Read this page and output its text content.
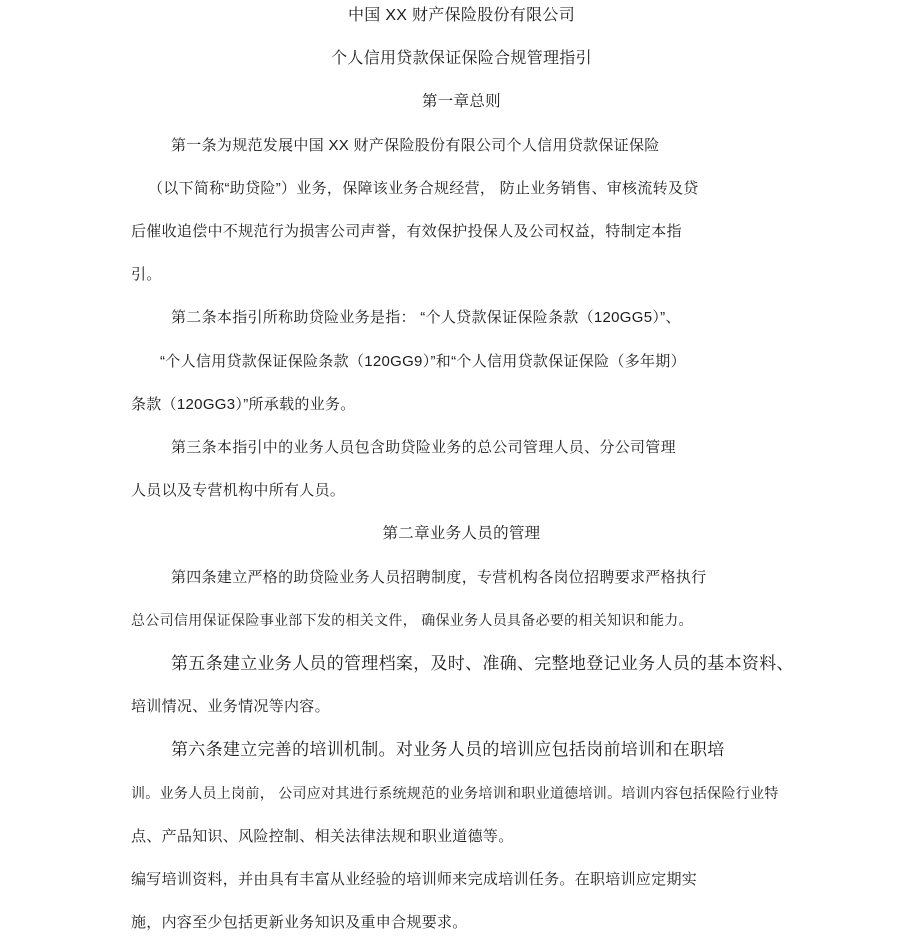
中国 XX 财产保险股份有限公司
个人信用贷款保证保险合规管理指引
第一章总则
第一条为规范发展中国 XX 财产保险股份有限公司个人信用贷款保证保险
（以下简称“助贷险”）业务，保障该业务合规经营， 防止业务销售、审核流转及贷
后催收追偿中不规范行为损害公司声誉，有效保护投保人及公司权益，特制定本指
引。
第二条本指引所称助贷险业务是指： “个人贷款保证保险条款（120GG5）”、
“个人信用贷款保证保险条款（120GG9）”和“个人信用贷款保证保险（多年期）
条款（120GG3）”所承载的业务。
第三条本指引中的业务人员包含助贷险业务的总公司管理人员、分公司管理
人员以及专营机构中所有人员。
第二章业务人员的管理
第四条建立严格的助贷险业务人员招聘制度，专营机构各岗位招聘要求严格执行
总公司信用保证保险事业部下发的相关文件， 确保业务人员具备必要的相关知识和能力。
第五条建立业务人员的管理档案，及时、准确、完整地登记业务人员的基本资料、
培训情况、业务情况等内容。
第六条建立完善的培训机制。对业务人员的培训应包括岗前培训和在职培
训。业务人员上岗前， 公司应对其进行系统规范的业务培训和职业道德培训。培训内容包括保险行业特
点、产品知识、风险控制、相关法律法规和职业道德等。
编写培训资料，并由具有丰富从业经验的培训师来完成培训任务。在职培训应定期实
施，内容至少包括更新业务知识及重申合规要求。
